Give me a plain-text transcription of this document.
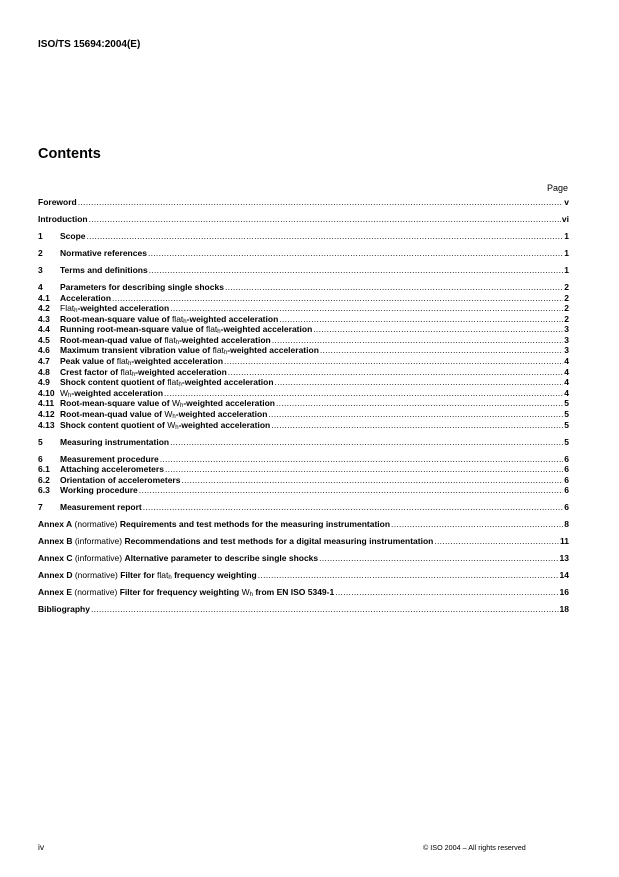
ISO/TS 15694:2004(E)
Contents
Page
Foreword .....	v
Introduction .....	vi
1	Scope .....	1
2	Normative references .....	1
3	Terms and definitions .....	1
4	Parameters for describing single shocks .....	2
4.1	Acceleration .....	2
4.2	Flat$_h$-weighted acceleration .....	2
4.3	Root-mean-square value of flat$_h$-weighted acceleration .....	2
4.4	Running root-mean-square value of flat$_h$-weighted acceleration .....	3
4.5	Root-mean-quad value of flat$_h$-weighted acceleration .....	3
4.6	Maximum transient vibration value of flat$_h$-weighted acceleration .....	3
4.7	Peak value of flat$_h$-weighted acceleration .....	4
4.8	Crest factor of flat$_h$-weighted acceleration .....	4
4.9	Shock content quotient of flat$_h$-weighted acceleration .....	4
4.10 $W_h$-weighted acceleration .....	4
4.11 Root-mean-square value of $W_h$-weighted acceleration .....	5
4.12 Root-mean-quad value of $W_h$-weighted acceleration .....	5
4.13 Shock content quotient of $W_h$-weighted acceleration .....	5
5	Measuring instrumentation .....	5
6	Measurement procedure .....	6
6.1	Attaching accelerometers .....	6
6.2	Orientation of accelerometers .....	6
6.3	Working procedure .....	6
7	Measurement report .....	6
Annex A (normative) Requirements and test methods for the measuring instrumentation .....	8
Annex B (informative) Recommendations and test methods for a digital measuring instrumentation .....	11
Annex C (informative) Alternative parameter to describe single shocks .....	13
Annex D (normative) Filter for flat$_h$ frequency weighting .....	14
Annex E (normative) Filter for frequency weighting $W_h$ from EN ISO 5349-1 .....	16
Bibliography .....	18
iv	© ISO 2004 – All rights reserved
